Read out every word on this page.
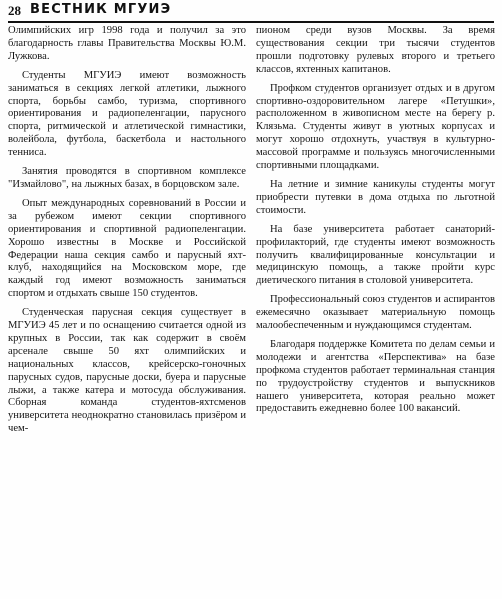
28 ВЕСТНИК МГУИЭ

Олимпийских игр 1998 года и получил за это благодарность главы Правительства Москвы Ю.М. Лужкова.

Студенты МГУИЭ имеют возможность заниматься в секциях легкой атлетики, лыжного спорта, борьбы самбо, туризма, спортивного ориентирования и радиопеленгации, парусного спорта, ритмической и атлетической гимнастики, волейбола, футбола, баскетбола и настольного тенниса.

Занятия проводятся в спортивном комплексе "Измайлово", на лыжных базах, в борцовском зале.

Опыт международных соревнований в России и за рубежом имеют секции спортивного ориентирования и спортивной радиопеленгации. Хорошо известны в Москве и Российской Федерации наша секция самбо и парусный яхт-клуб, находящийся на Московском море, где каждый год имеют возможность заниматься спортом и отдыхать свыше 150 студентов.

Студенческая парусная секция существует в МГУИЭ 45 лет и по оснащению считается одной из крупных в России, так как содержит в своём арсенале свыше 50 яхт олимпийских и национальных классов, крейсерско-гоночных парусных судов, парусные доски, буера и парусные лыжи, а также катера и мотосуда обслуживания. Сборная команда студентов-яхтсменов университета неоднократно становилась призёром и чем-

пионом среди вузов Москвы. За время существования секции три тысячи студентов прошли подготовку рулевых второго и третьего классов, яхтенных капитанов.

Профком студентов организует отдых и в другом спортивно-оздоровительном лагере «Петушки», расположенном в живописном месте на берегу р. Клязьма. Студенты живут в уютных корпусах и могут хорошо отдохнуть, участвуя в культурно-массовой программе и пользуясь многочисленными спортивными площадками.

На летние и зимние каникулы студенты могут приобрести путевки в дома отдыха по льготной стоимости.

На базе университета работает санаторий-профилакторий, где студенты имеют возможность получить квалифицированные консультации и медицинскую помощь, а также пройти курс диетического питания в столовой университета.

Профессиональный союз студентов и аспирантов ежемесячно оказывает материальную помощь малообеспеченным и нуждающимся студентам.

Благодаря поддержке Комитета по делам семьи и молодежи и агентства «Перспектива» на базе профкома студентов работает терминальная станция по трудоустройству студентов и выпускников нашего университета, которая реально может предоставить ежедневно более 100 вакансий.
